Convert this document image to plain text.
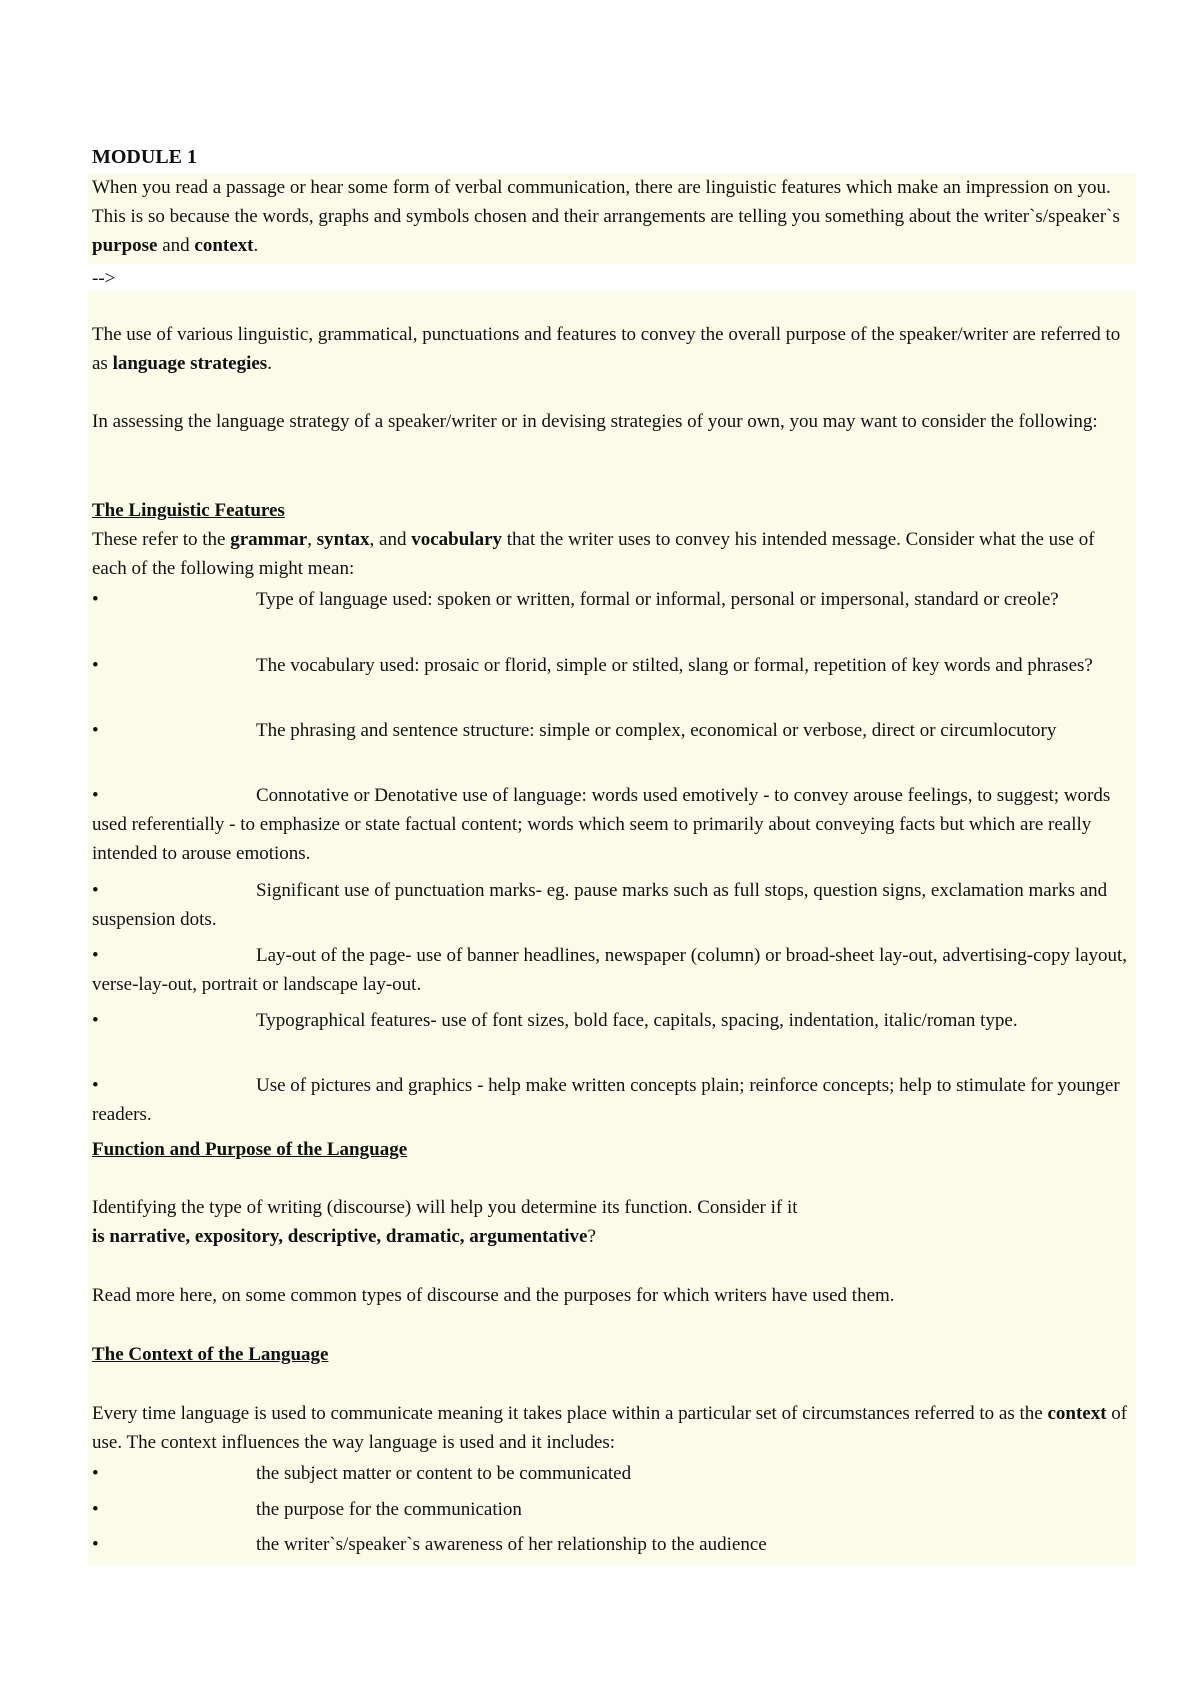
MODULE 1

When you read a passage or hear some form of verbal communication, there are linguistic features which make an impression on you. This is so because the words, graphs and symbols chosen and their arrangements are telling you something about the writer`s/speaker`s purpose and context.

-->

The use of various linguistic, grammatical, punctuations and features to convey the overall purpose of the speaker/writer are referred to as language strategies.

In assessing the language strategy of a speaker/writer or in devising strategies of your own, you may want to consider the following:

The Linguistic Features

These refer to the grammar, syntax, and vocabulary that the writer uses to convey his intended message. Consider what the use of each of the following might mean:

•	Type of language used: spoken or written, formal or informal, personal or impersonal, standard or creole?

•	The vocabulary used: prosaic or florid, simple or stilted, slang or formal, repetition of key words and phrases?

•	The phrasing and sentence structure: simple or complex, economical or verbose, direct or circumlocutory

•	Connotative or Denotative use of language: words used emotively - to convey arouse feelings, to suggest; words used referentially - to emphasize or state factual content; words which seem to primarily about conveying facts but which are really intended to arouse emotions.

•	Significant use of punctuation marks- eg. pause marks such as full stops, question signs, exclamation marks and suspension dots.

•	Lay-out of the page- use of banner headlines, newspaper (column) or broad-sheet lay-out, advertising-copy layout, verse-lay-out, portrait or landscape lay-out.

•	Typographical features- use of font sizes, bold face, capitals, spacing, indentation, italic/roman type.

•	Use of pictures and graphics - help make written concepts plain; reinforce concepts; help to stimulate for younger readers.

Function and Purpose of the Language

Identifying the type of writing (discourse) will help you determine its function. Consider if it
is narrative, expository, descriptive, dramatic, argumentative?

Read more here, on some common types of discourse and the purposes for which writers have used them.

The Context of the Language

Every time language is used to communicate meaning it takes place within a particular set of circumstances referred to as the context of use. The context influences the way language is used and it includes:

•	the subject matter or content to be communicated

•	the purpose for the communication

•	the writer`s/speaker`s awareness of her relationship to the audience
